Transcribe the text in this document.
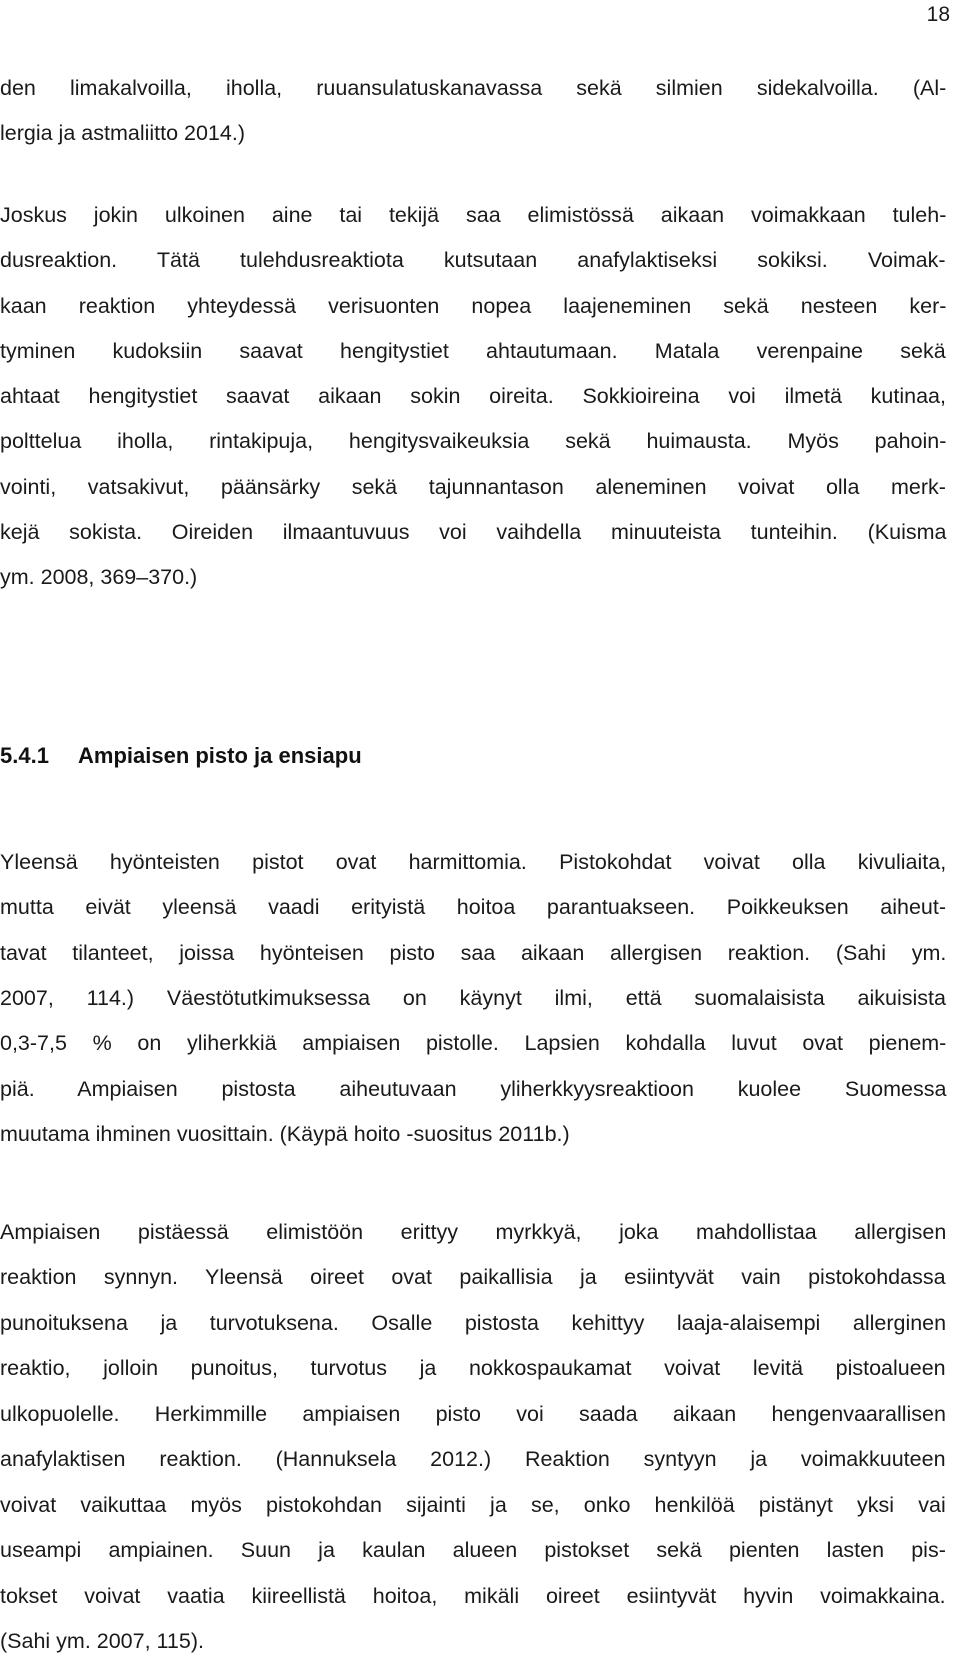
18
den limakalvoilla, iholla, ruuansulatuskanavassa sekä silmien sidekalvoilla. (Al-
lergia ja astmaliitto 2014.)
Joskus jokin ulkoinen aine tai tekijä saa elimistössä aikaan voimakkaan tuleh-
dusreaktion. Tätä tulehdusreaktiota kutsutaan anafylaktiseksi sokiksi. Voimak-
kaan reaktion yhteydessä verisuonten nopea laajeneminen sekä nesteen ker-
tyminen kudoksiin saavat hengitystiet ahtautumaan. Matala verenpaine sekä
ahtaat hengitystiet saavat aikaan sokin oireita. Sokkioireina voi ilmetä kutinaa,
polttelua iholla, rintakipuja, hengitysvaikeuksia sekä huimausta. Myös pahoin-
vointi, vatsakivut, päänsärky sekä tajunnantason aleneminen voivat olla merk-
kejä sokista. Oireiden ilmaantuvuus voi vaihdella minuuteista tunteihin. (Kuisma
ym. 2008, 369–370.)
5.4.1 Ampiaisen pisto ja ensiapu
Yleensä hyönteisten pistot ovat harmittomia. Pistokohdat voivat olla kivuliaita,
mutta eivät yleensä vaadi erityistä hoitoa parantuakseen. Poikkeuksen aiheut-
tavat tilanteet, joissa hyönteisen pisto saa aikaan allergisen reaktion. (Sahi ym.
2007, 114.) Väestötutkimuksessa on käynyt ilmi, että suomalaisista aikuisista
0,3-7,5 % on yliherkkiä ampiaisen pistolle. Lapsien kohdalla luvut ovat pienem-
piä. Ampiaisen pistosta aiheutuvaan yliherkkyysreaktioon kuolee Suomessa
muutama ihminen vuosittain. (Käypä hoito -suositus 2011b.)
Ampiaisen pistäessä elimistöön erittyy myrkkyä, joka mahdollistaa allergisen
reaktion synnyn. Yleensä oireet ovat paikallisia ja esiintyvät vain pistokohdassa
punoituksena ja turvotuksena. Osalle pistosta kehittyy laaja-alaisempi allerginen
reaktio, jolloin punoitus, turvotus ja nokkospaukamat voivat levitä pistoalueen
ulkopuolelle. Herkimmille ampiaisen pisto voi saada aikaan hengenvaarallisen
anafylaktisen reaktion. (Hannuksela 2012.) Reaktion syntyyn ja voimakkuuteen
voivat vaikuttaa myös pistokohdan sijainti ja se, onko henkilöä pistänyt yksi vai
useampi ampiainen. Suun ja kaulan alueen pistokset sekä pienten lasten pis-
tokset voivat vaatia kiireellistä hoitoa, mikäli oireet esiintyvät hyvin voimakkaina.
(Sahi ym. 2007, 115).
